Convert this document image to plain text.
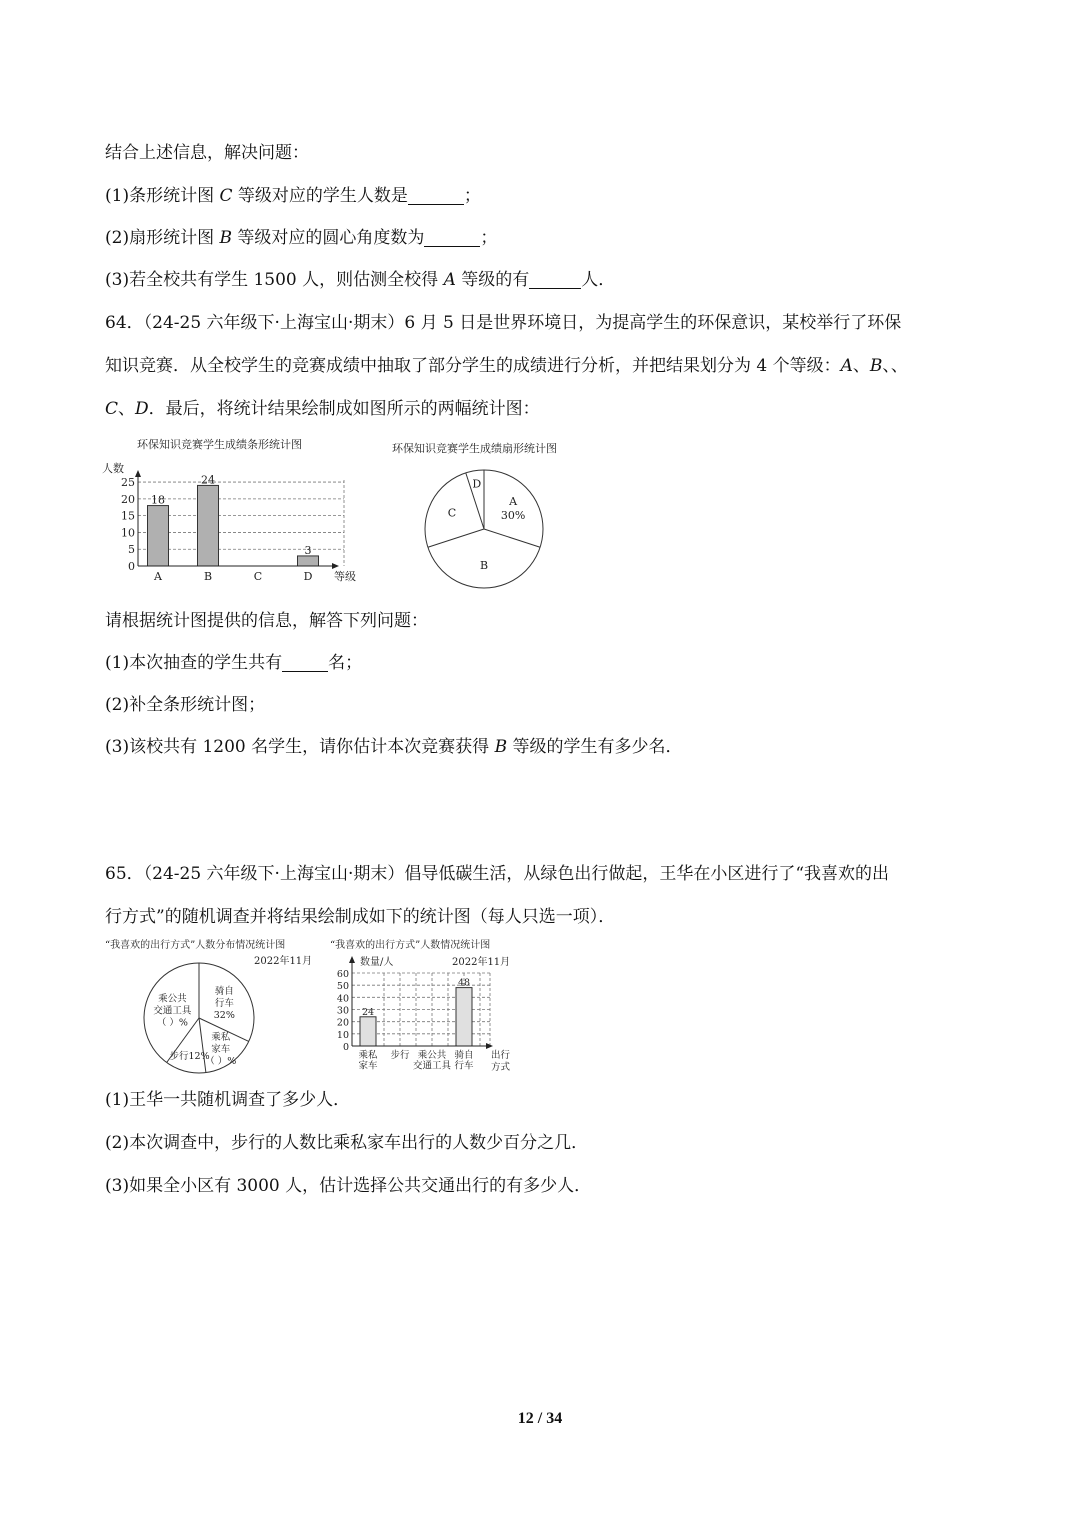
结合上述信息，解决问题：
(1)条形统计图 C 等级对应的学生人数是	；
(2)扇形统计图 B 等级对应的圆心角度数为	；
(3)若全校共有学生 1500 人，则估测全校得 A 等级的有	人．
64．（24-25 六年级下·上海宝山·期末）6 月 5 日是世界环境日，为提高学生的环保意识，某校举行了环保
知识竞赛．从全校学生的竞赛成绩中抽取了部分学生的成绩进行分析，并把结果划分为 4 个等级：A、B、、
C、D．最后，将统计结果绘制成如图所示的两幅统计图：
环保知识竞赛学生成绩条形统计图
人数
18
24
3
等级
0
5
10
15
20
25
A	B	C	D
环保知识竞赛学生成绩扇形统计图
A
30%
B
C
D
请根据统计图提供的信息，解答下列问题：
(1)本次抽查的学生共有	名；
(2)补全条形统计图；
(3)该校共有 1200 名学生，请你估计本次竞赛获得 B 等级的学生有多少名．
65．（24-25 六年级下·上海宝山·期末）倡导低碳生活，从绿色出行做起，王华在小区进行了“我喜欢的出
行方式”的随机调查并将结果绘制成如下的统计图（每人只选一项）．
“我喜欢的出行方式”人数分布情况统计图
2022年11月
骑自
行车
32%
乘私
家车
（ ）%
步行12%
乘公共
交通工具
（ ）%
“我喜欢的出行方式”人数情况统计图
数量/人	2022年11月
24
48
出行
方式
0
10
20
30
40
50
60
乘私
家车
步行 乘公共
交通工具
骑自
行车
(1)王华一共随机调查了多少人．
(2)本次调查中，步行的人数比乘私家车出行的人数少百分之几．
(3)如果全小区有 3000 人，估计选择公共交通出行的有多少人．
12 / 34
